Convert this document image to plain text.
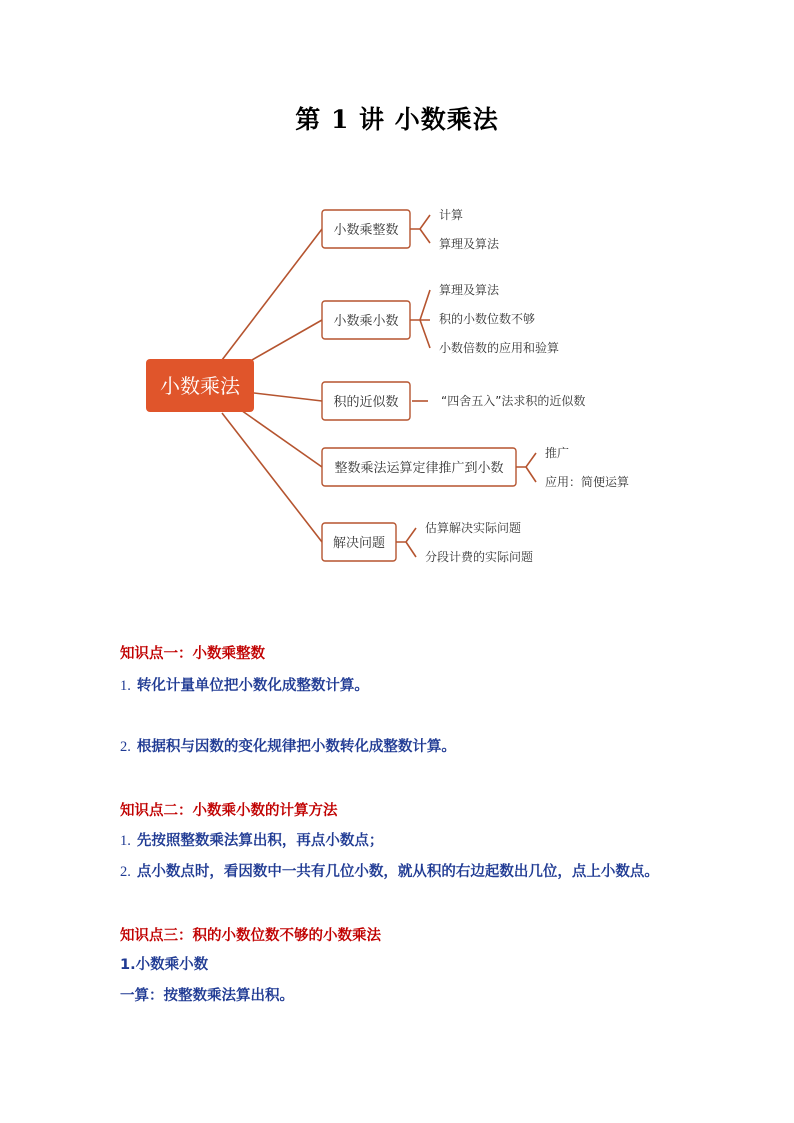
第 1 讲 小数乘法
小数乘法
小数乘整数
小数乘小数
积的近似数
整数乘法运算定律推广到小数
解决问题
计算
算理及算法
算理及算法
积的小数位数不够
小数倍数的应用和验算
“四舍五入”法求积的近似数
推广
应用：简便运算
估算解决实际问题
分段计费的实际问题
知识点一：小数乘整数
1. 转化计量单位把小数化成整数计算。
2. 根据积与因数的变化规律把小数转化成整数计算。
知识点二：小数乘小数的计算方法
1. 先按照整数乘法算出积，再点小数点；
2. 点小数点时，看因数中一共有几位小数，就从积的右边起数出几位，点上小数点。
知识点三：积的小数位数不够的小数乘法
1.小数乘小数
一算：按整数乘法算出积。
